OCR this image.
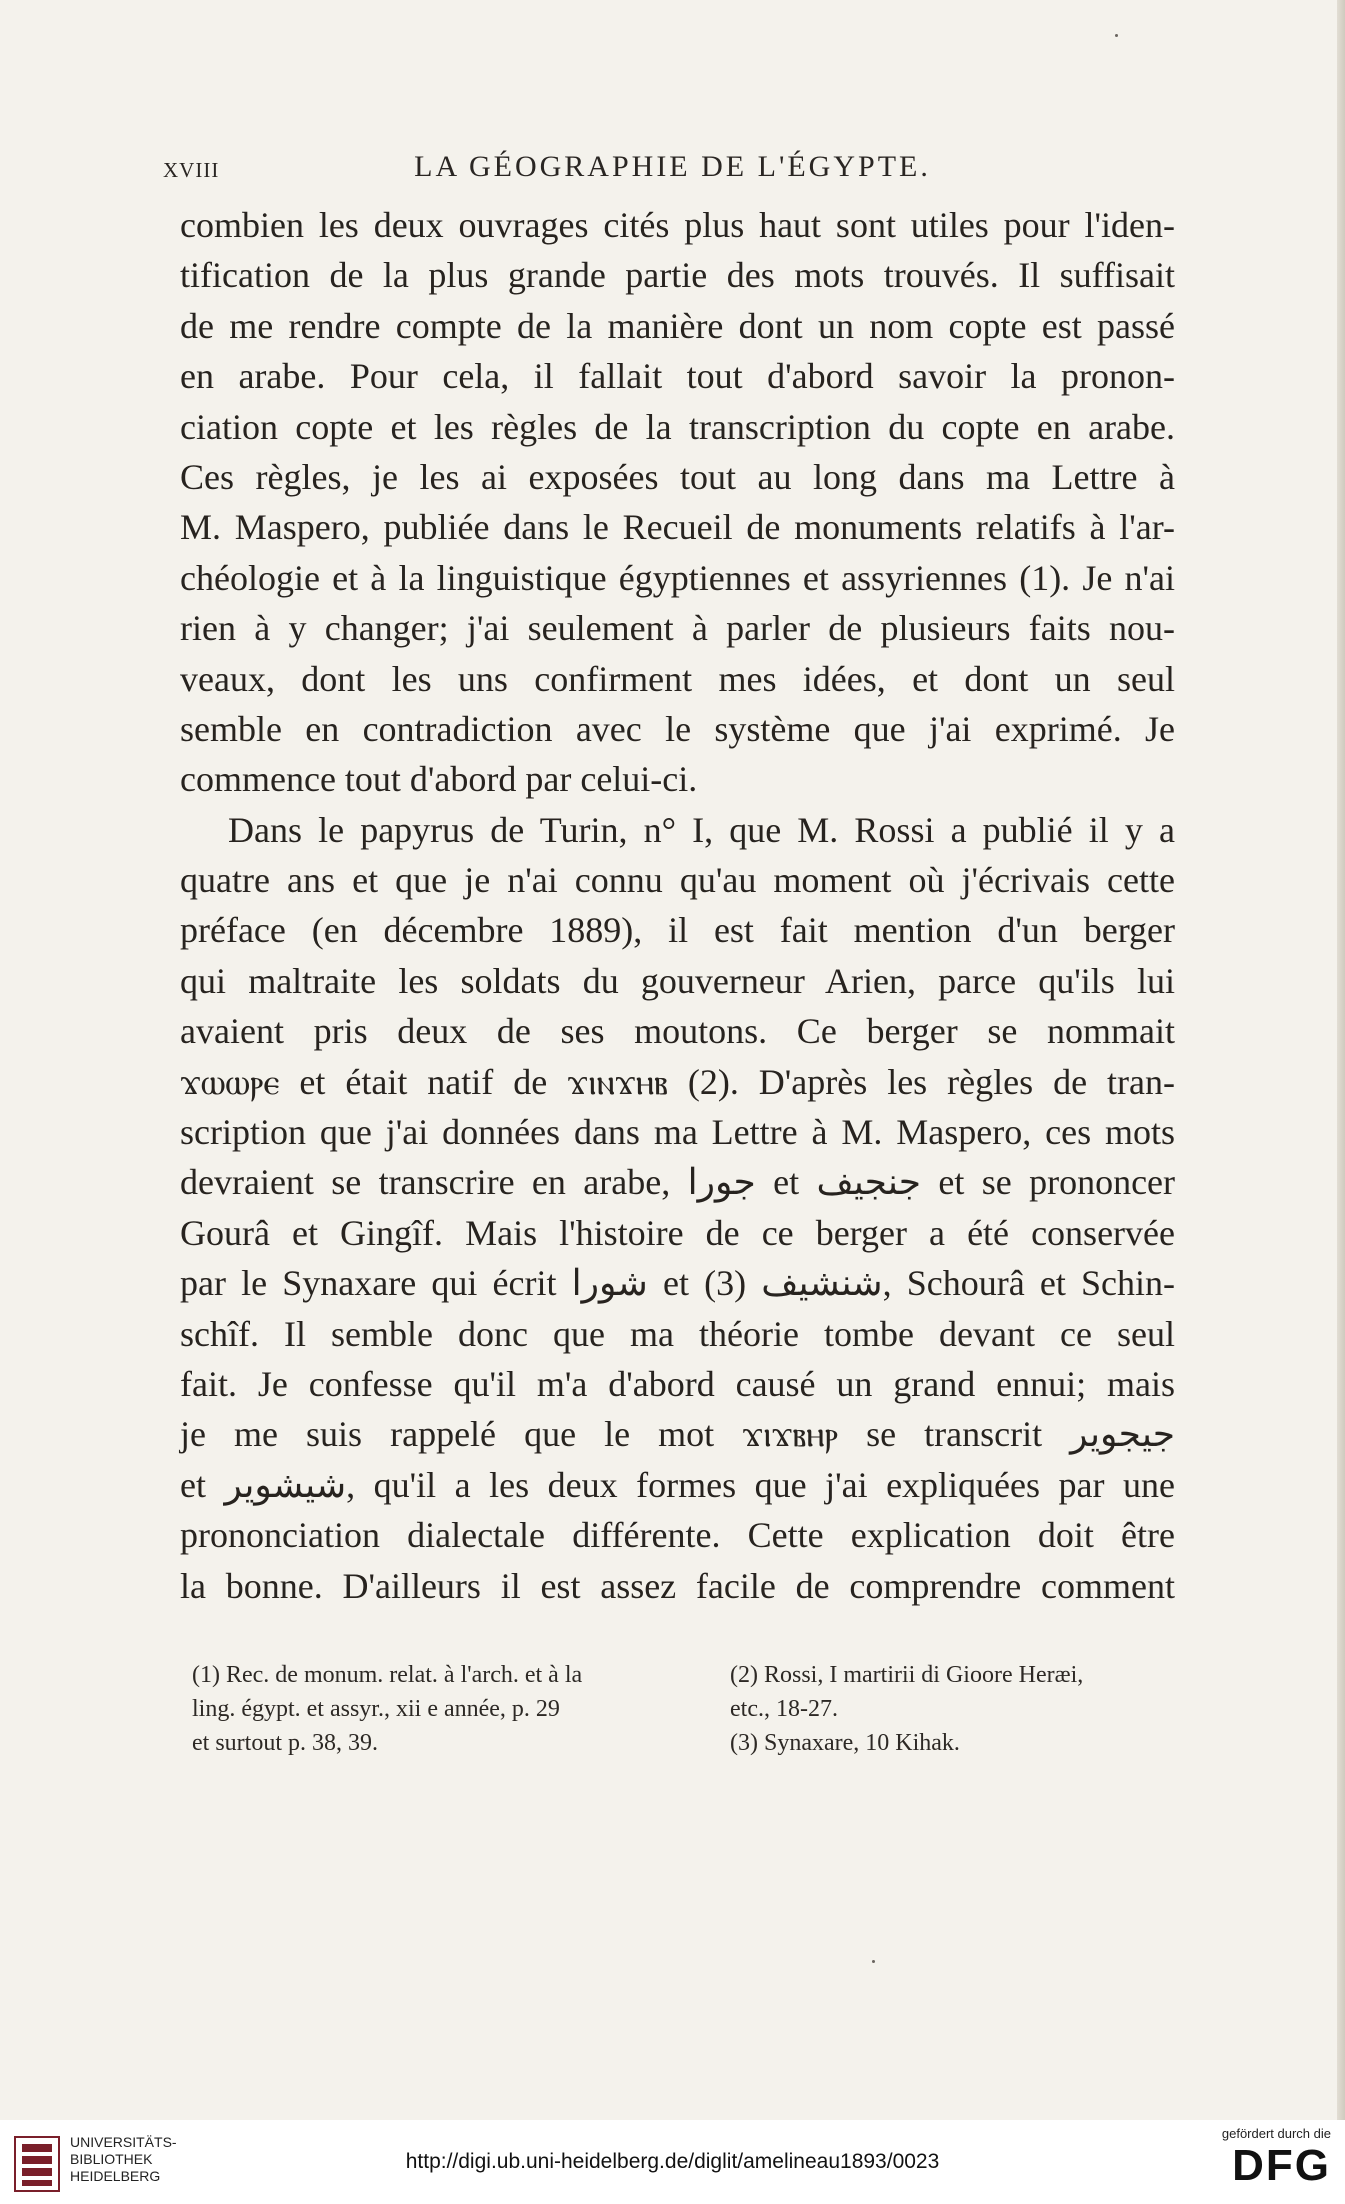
XVIII	LA GÉOGRAPHIE DE L'ÉGYPTE.
combien les deux ouvrages cités plus haut sont utiles pour l'iden-
tification de la plus grande partie des mots trouvés. Il suffisait
de me rendre compte de la manière dont un nom copte est passé
en arabe. Pour cela, il fallait tout d'abord savoir la pronon-
ciation copte et les règles de la transcription du copte en arabe.
Ces règles, je les ai exposées tout au long dans ma Lettre à
M. Maspero, publiée dans le Recueil de monuments relatifs à l'ar-
chéologie et à la linguistique égyptiennes et assyriennes (1). Je n'ai
rien à y changer; j'ai seulement à parler de plusieurs faits nou-
veaux, dont les uns confirment mes idées, et dont un seul
semble en contradiction avec le système que j'ai exprimé. Je
commence tout d'abord par celui-ci.
Dans le papyrus de Turin, n° I, que M. Rossi a publié il y a
quatre ans et que je n'ai connu qu'au moment où j'écrivais cette
préface (en décembre 1889), il est fait mention d'un berger
qui maltraite les soldats du gouverneur Arien, parce qu'ils lui
avaient pris deux de ses moutons. Ce berger se nommait
ϫⲱⲱⲣⲉ et était natif de ϫⲓⲛϫⲏⲃ (2). D'après les règles de tran-
scription que j'ai données dans ma Lettre à M. Maspero, ces mots
devraient se transcrire en arabe, جورا et جنجيف et se prononcer
Gourâ et Gingîf. Mais l'histoire de ce berger a été conservée
par le Synaxare qui écrit شورا et شنشيف (3), Schourâ et Schin-
schîf. Il semble donc que ma théorie tombe devant ce seul
fait. Je confesse qu'il m'a d'abord causé un grand ennui; mais
je me suis rappelé que le mot ϫⲓϫⲃⲏⲣ se transcrit جيجوير
et شيشوير, qu'il a les deux formes que j'ai expliquées par une
prononciation dialectale différente. Cette explication doit être
la bonne. D'ailleurs il est assez facile de comprendre comment
(1) Rec. de monum. relat. à l'arch. et à la
ling. égypt. et assyr., xii e année, p. 29
et surtout p. 38, 39.
(2) Rossi, I martirii di Gioore Heræi,
etc., 18-27.
(3) Synaxare, 10 Kihak.
UNIVERSITÄTS-
BIBLIOTHEK
HEIDELBERG
http://digi.ub.uni-heidelberg.de/diglit/amelineau1893/0023
gefördert durch die
DFG
